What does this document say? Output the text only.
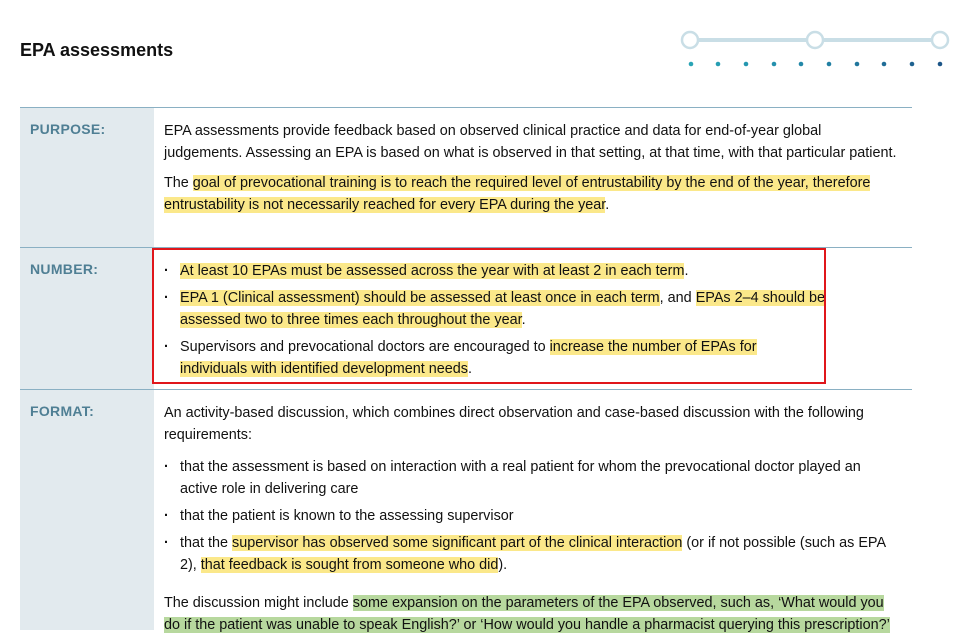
EPA assessments
PURPOSE:	EPA assessments provide feedback based on observed clinical practice and data for end-of-year global judgements. Assessing an EPA is based on what is observed in that setting, at that time, with that particular patient.

The goal of prevocational training is to reach the required level of entrustability by the end of the year, therefore entrustability is not necessarily reached for every EPA during the year.

NUMBER:
·	At least 10 EPAs must be assessed across the year with at least 2 in each term.
· EPA 1 (Clinical assessment) should be assessed at least once in each term, and EPAs 2–4 should be assessed two to three times each throughout the year.
· Supervisors and prevocational doctors are encouraged to increase the number of EPAs for individuals with identified development needs.
FORMAT:	An activity-based discussion, which combines direct observation and case-based discussion with the following requirements:

· that the assessment is based on interaction with a real patient for whom the prevocational doctor played an active role in delivering care
· that the patient is known to the assessing supervisor
· that the supervisor has observed some significant part of the clinical interaction (or if not possible (such as EPA 2), that feedback is sought from someone who did).

The discussion might include some expansion on the parameters of the EPA observed, such as, ‘What would you do if the patient was unable to speak English?’ or ‘How would you handle a pharmacist querying this prescription?’
